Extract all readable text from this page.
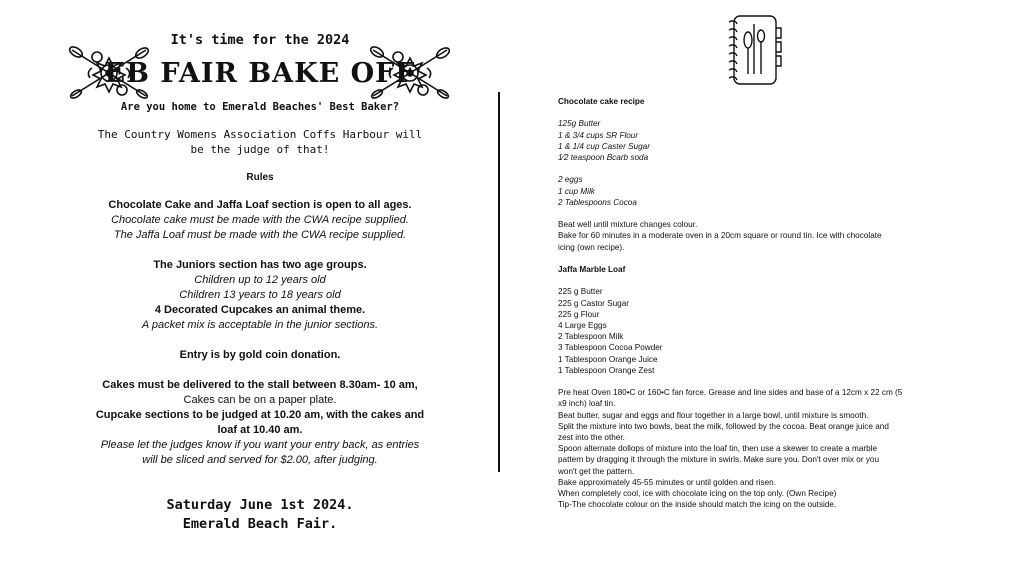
It's time for the 2024
EB FAIR BAKE OFF
Are you home to Emerald Beaches' Best Baker?
The Country Womens Association Coffs Harbour will
be the judge of that!
Rules
Chocolate Cake and Jaffa Loaf section is open to all ages.
Chocolate cake must be made with the CWA recipe supplied.
The Jaffa Loaf must be made with the CWA recipe supplied.
The Juniors section has two age groups.
Children up to 12 years old
Children 13 years to 18 years old
4 Decorated Cupcakes an animal theme.
A packet mix is acceptable in the junior sections.
Entry is by gold coin donation.
Cakes must be delivered to the stall between 8.30am- 10 am,
Cakes can be on a paper plate.
Cupcake sections to be judged at 10.20 am, with the cakes and
loaf at 10.40 am.
Please let the judges know if you want your entry back, as entries
will be sliced and served for $2.00, after judging.
Saturday June 1st 2024.
Emerald Beach Fair.

Chocolate cake recipe

125g Butter

1 & 3/4 cups SR Flour

1 & 1/4 cup Caster Sugar

1⁄2 teaspoon Bcarb soda

2 eggs

1 cup Milk

2 Tablespoons Cocoa

Beat well until mixture changes colour.

Bake for 60 minutes in a moderate oven in a 20cm square or round tin. Ice with chocolate

icing (own recipe).

Jaffa Marble Loaf

225 g Butter

225 g Castor Sugar

225 g Flour

4 Large Eggs

2 Tablespoon Milk

3 Tablespoon Cocoa Powder

1 Tablespoon Orange Juice

1 Tablespoon Orange Zest

Pre heat Oven 180•C or 160•C fan force. Grease and line sides and base of a 12cm x 22 cm (5

x9 inch) loaf tin.

Beat butter, sugar and eggs and flour together in a large bowl, until mixture is smooth.

Split the mixture into two bowls, beat the milk, followed by the cocoa. Beat orange juice and

zest into the other.

Spoon alternate dollops of mixture into the loaf tin, then use a skewer to create a marble

pattern by dragging it through the mixture in swirls. Make sure you. Don't over mix or you

won't get the pattern.

Bake approximately 45-55 minutes or until golden and risen.

When completely cool, ice with chocolate icing on the top only. (Own Recipe)

Tip-The chocolate colour on the inside should match the icing on the outside.
